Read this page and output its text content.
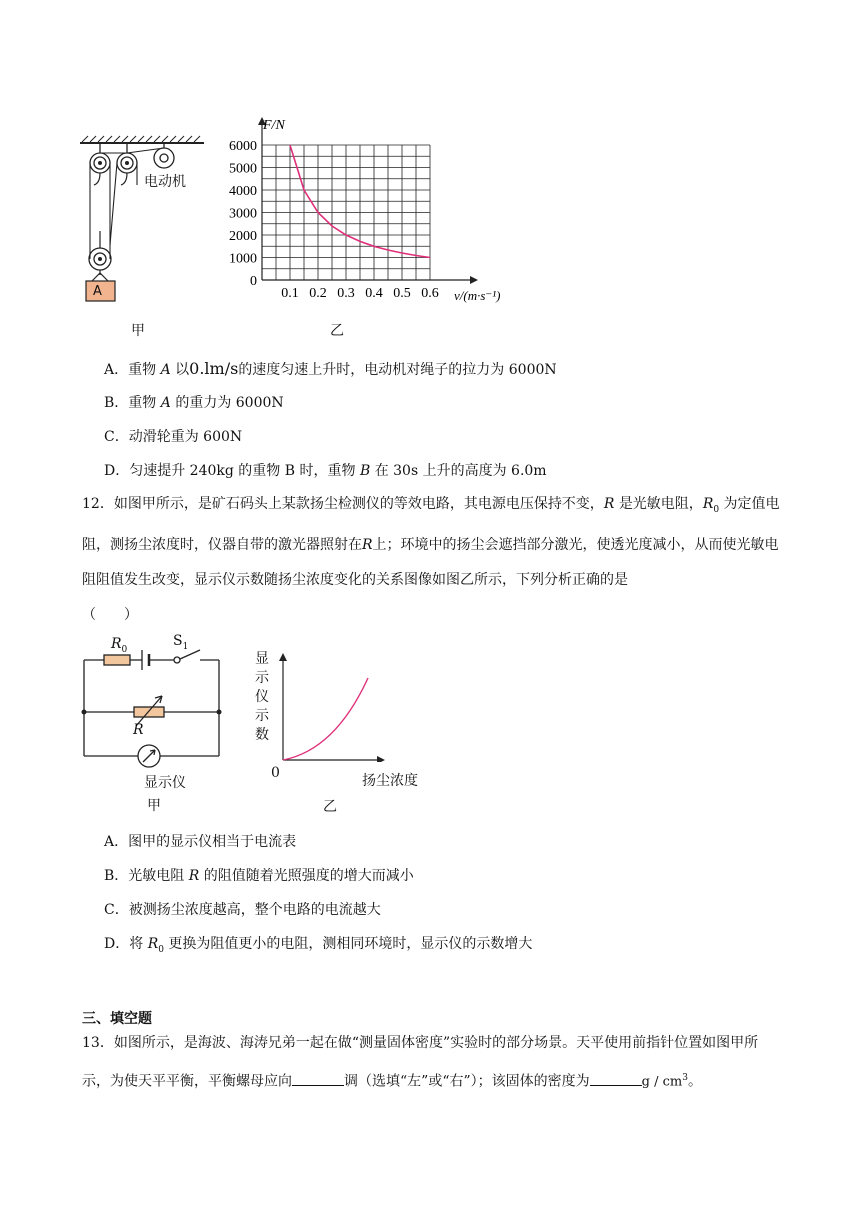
A
电动机
甲
0
1000
2000
3000
4000
5000
6000
0.1 0.2 0.3 0.4 0.5 0.6
F/N
v/(m·s⁻¹)
乙
A．重物 A 以0.lm/s的速度匀速上升时，电动机对绳子的拉力为 6000N
B．重物 A 的重力为 6000N
C．动滑轮重为 600N
D．匀速提升 240kg 的重物 B 时，重物 B 在 30s 上升的高度为 6.0m
12．如图甲所示，是矿石码头上某款扬尘检测仪的等效电路，其电源电压保持不变，R 是光敏电阻，$R_0$ 为定值电阻，测扬尘浓度时，仪器自带的激光器照射在R上；环境中的扬尘会遮挡部分激光，使透光度减小，从而使光敏电阻阻值发生改变，显示仪示数随扬尘浓度变化的关系图像如图乙所示，下列分析正确的是
（　　）
$R_0$
$S_1$
R
显示仪
甲
显示仪示数
0	扬尘浓度
乙
A．图甲的显示仪相当于电流表
B．光敏电阻 R 的阻值随着光照强度的增大而减小
C．被测扬尘浓度越高，整个电路的电流越大
D．将 $R_0$ 更换为阻值更小的电阻，测相同环境时，显示仪的示数增大
三、填空题
13．如图所示，是海波、海涛兄弟一起在做“测量固体密度”实验时的部分场景。天平使用前指针位置如图甲所示，为使天平平衡，平衡螺母应向	调（选填“左”或“右”）；该固体的密度为	g / $cm^3$。
